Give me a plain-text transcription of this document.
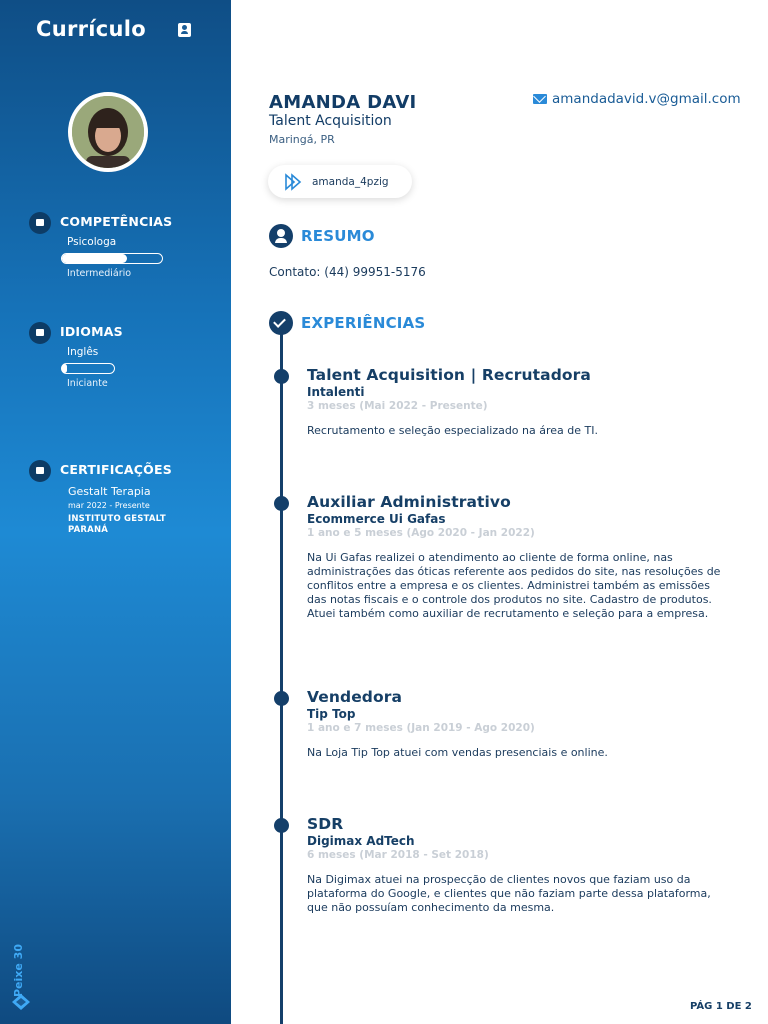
Currículo
COMPETÊNCIAS
Psicologa
Intermediário
IDIOMAS
Inglês
Iniciante
CERTIFICAÇÕES
Gestalt Terapia
mar 2022 - Presente
INSTITUTO GESTALT PARANÁ
Peixe 30
AMANDA DAVI
Talent Acquisition
Maringá, PR
amandadavid.v@gmail.com
amanda_4pzig
RESUMO
Contato: (44) 99951-5176
EXPERIÊNCIAS
Talent Acquisition | Recrutadora
Intalenti
3 meses (Mai 2022 - Presente)
Recrutamento e seleção especializado na área de TI.
Auxiliar Administrativo
Ecommerce Ui Gafas
1 ano e 5 meses (Ago 2020 - Jan 2022)
Na Ui Gafas realizei o atendimento ao cliente de forma online, nas administrações das óticas referente aos pedidos do site, nas resoluções de conflitos entre a empresa e os clientes. Administrei também as emissões das notas fiscais e o controle dos produtos no site. Cadastro de produtos. Atuei também como auxiliar de recrutamento e seleção para a empresa.
Vendedora
Tip Top
1 ano e 7 meses (Jan 2019 - Ago 2020)
Na Loja Tip Top atuei com vendas presenciais e online.
SDR
Digimax AdTech
6 meses (Mar 2018 - Set 2018)
Na Digimax atuei na prospecção de clientes novos que faziam uso da plataforma do Google, e clientes que não faziam parte dessa plataforma, que não possuíam conhecimento da mesma.
PÁG 1 DE 2
